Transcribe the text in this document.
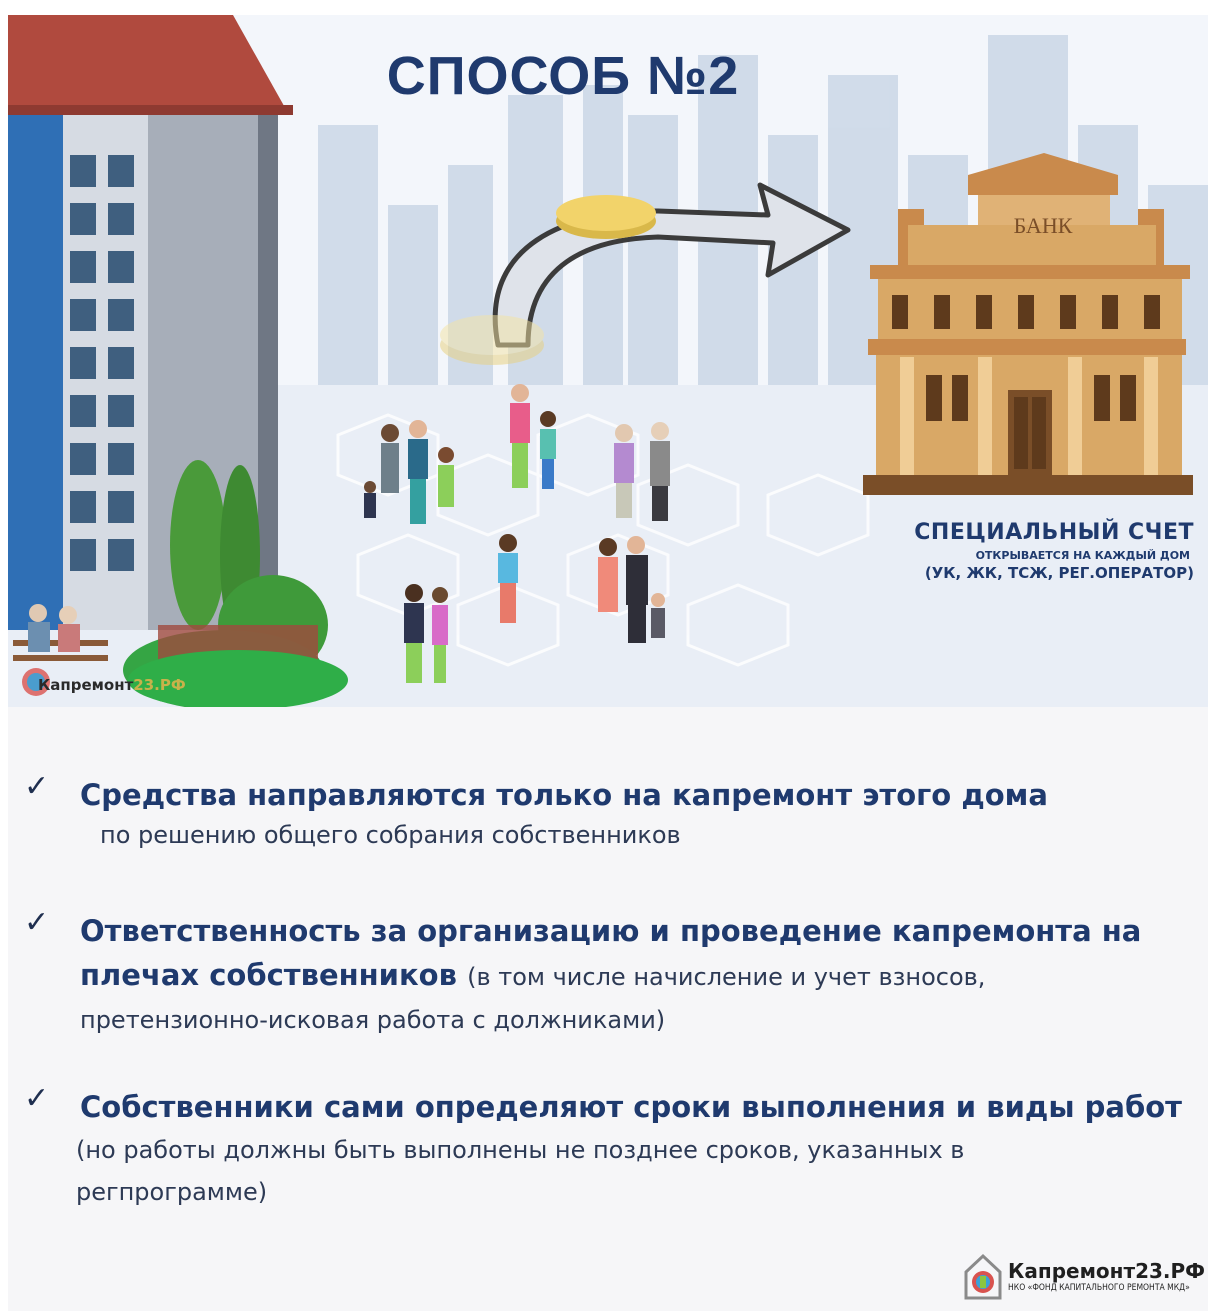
СПОСОБ №2
БАНК
СПЕЦИАЛЬНЫЙ СЧЕТ
ОТКРЫВАЕТСЯ НА КАЖДЫЙ ДОМ
(УК, ЖК, ТСЖ, РЕГ.ОПЕРАТОР)
Капремонт23.РФ
✓ Средства направляются только на капремонт этого дома
по решению общего собрания собственников
✓ Ответственность за организацию и проведение капремонта на плечах собственников (в том числе начисление и учет взносов,
претензионно-исковая работа с должниками)
✓ Собственники сами определяют сроки выполнения и виды работ
(но работы должны быть выполнены не позднее сроков, указанных в регпрограмме)
Капремонт23.РФ
НКО «ФОНД КАПИТАЛЬНОГО РЕМОНТА МКД»
